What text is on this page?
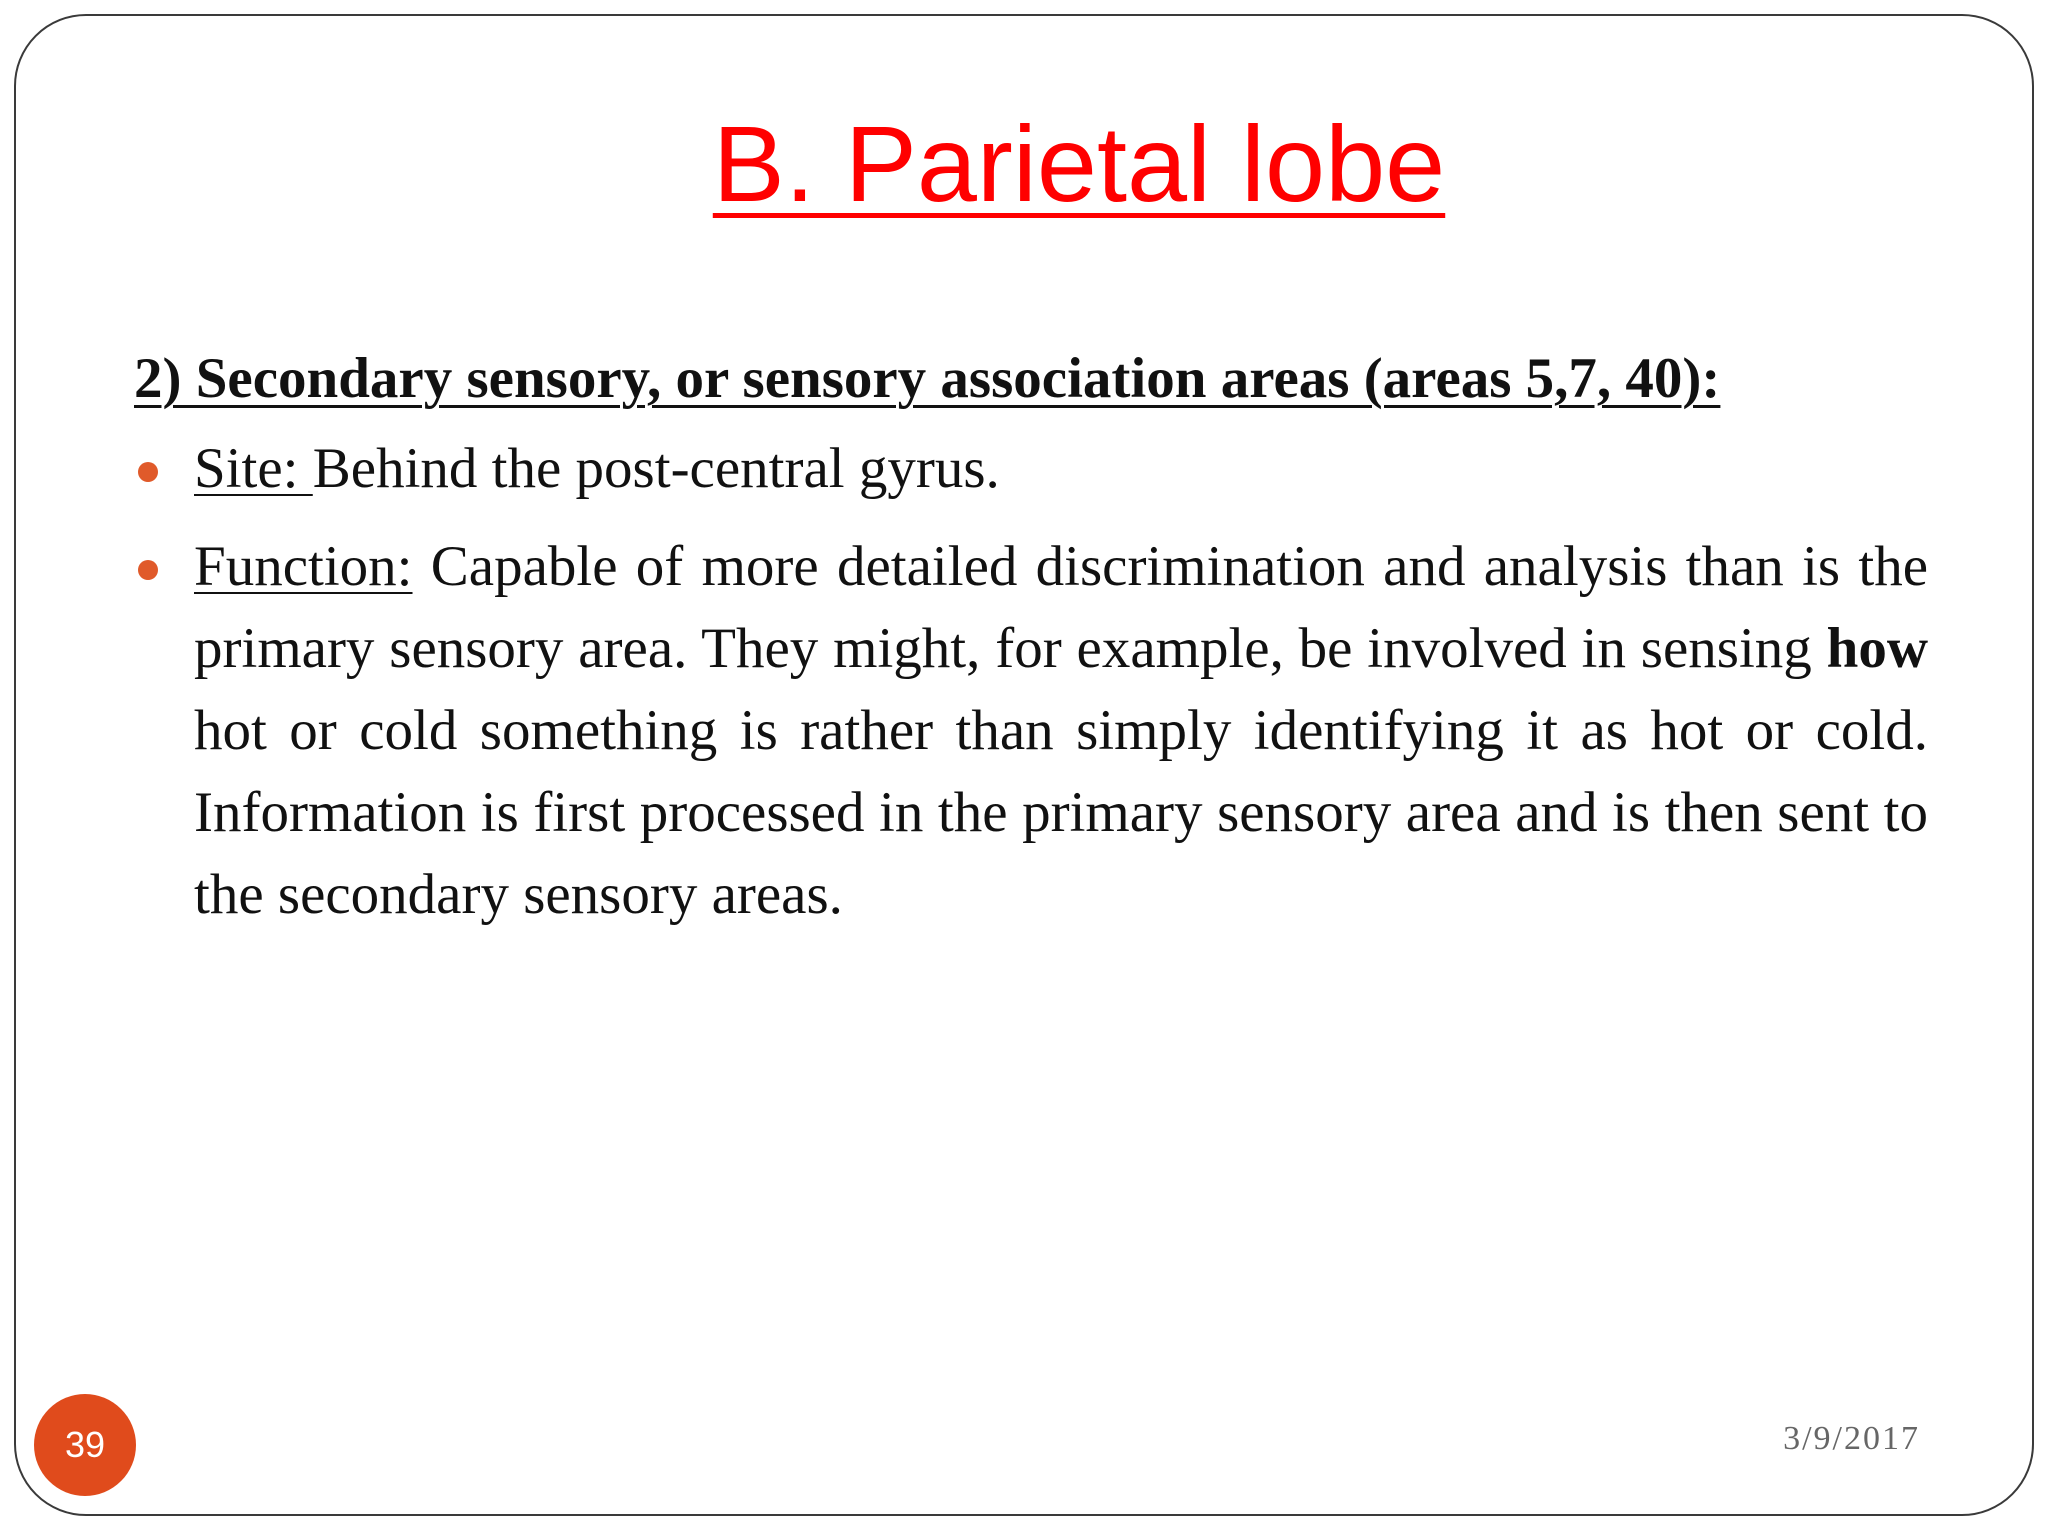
B. Parietal lobe

2) Secondary sensory, or sensory association areas (areas 5,7, 40):

Site: Behind the post-central gyrus.
Function: Capable of more detailed discrimination and analysis than is the primary sensory area. They might, for example, be involved in sensing how hot or cold something is rather than simply identifying it as hot or cold. Information is first processed in the primary sensory area and is then sent to the secondary sensory areas.
39	3/9/2017
